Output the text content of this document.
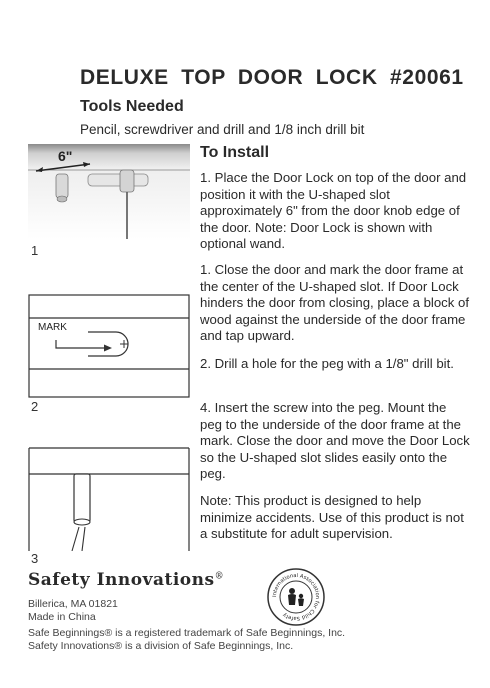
DELUXE TOP DOOR LOCK #20061
Tools Needed
Pencil, screwdriver and drill and 1/8 inch drill bit
To Install
1. Place the Door Lock on top of the door and position it with the U-shaped slot approximately 6" from the door knob edge of the door. Note: Door Lock is shown with optional wand.
1. Close the door and mark the door frame at the center of the U-shaped slot. If Door Lock hinders the door from closing, place a block of wood against the underside of the door frame and tap upward.
2. Drill a hole for the peg with a 1/8" drill bit.
4. Insert the screw into the peg. Mount the peg to the underside of the door frame at the mark. Close the door and move the Door Lock so the U-shaped slot slides easily onto the peg.
Note: This product is designed to help minimize accidents. Use of this product is not a substitute for adult supervision.
6"
1
MARK
2
3
Safety Innovations®
Billerica, MA 01821
Made in China
International Association for Child Safety
Safe Beginnings® is a registered trademark of Safe Beginnings, Inc.
Safety Innovations® is a division of Safe Beginnings, Inc.
